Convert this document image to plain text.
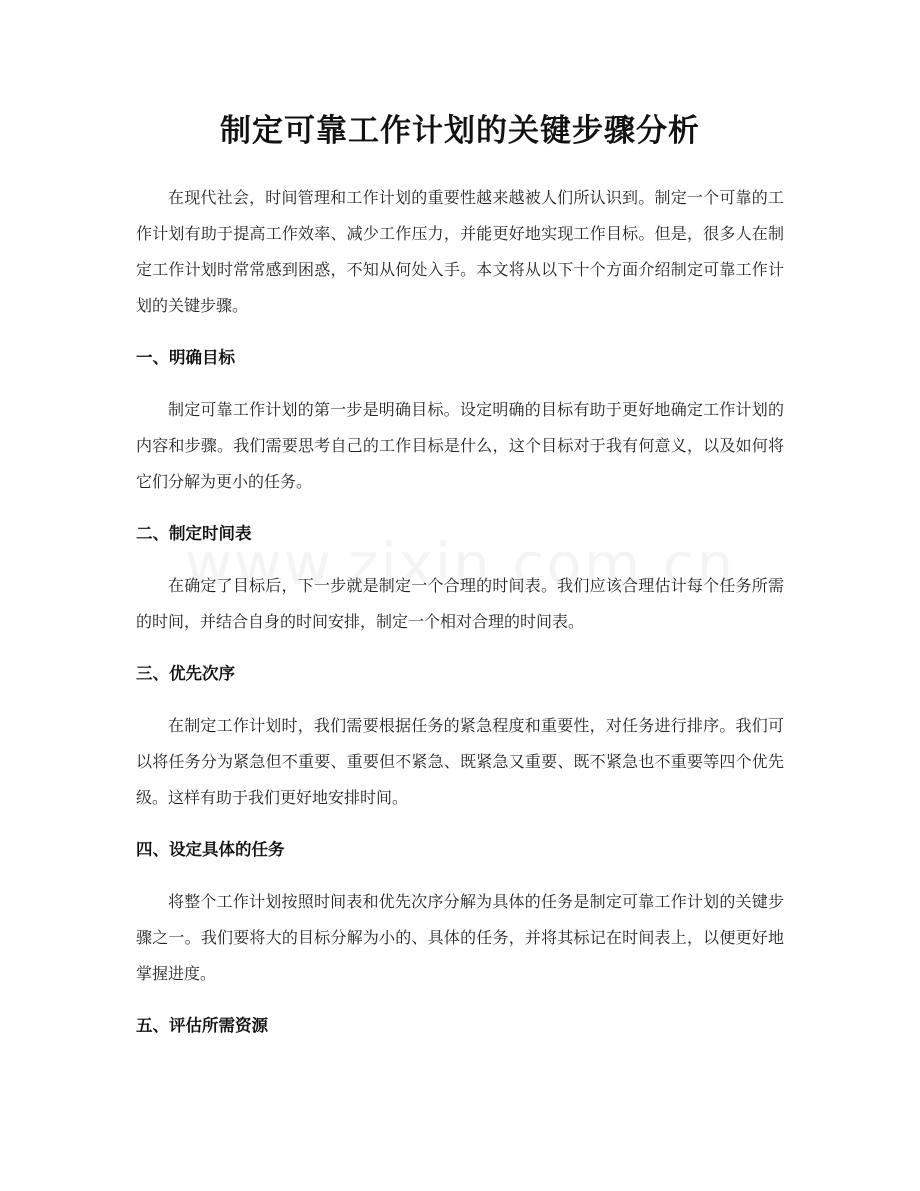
制定可靠工作计划的关键步骤分析

在现代社会，时间管理和工作计划的重要性越来越被人们所认识到。制定一个可靠的工作计划有助于提高工作效率、减少工作压力，并能更好地实现工作目标。但是，很多人在制定工作计划时常常感到困惑，不知从何处入手。本文将从以下十个方面介绍制定可靠工作计划的关键步骤。

一、明确目标

制定可靠工作计划的第一步是明确目标。设定明确的目标有助于更好地确定工作计划的内容和步骤。我们需要思考自己的工作目标是什么，这个目标对于我有何意义，以及如何将它们分解为更小的任务。

二、制定时间表

在确定了目标后，下一步就是制定一个合理的时间表。我们应该合理估计每个任务所需的时间，并结合自身的时间安排，制定一个相对合理的时间表。

三、优先次序

在制定工作计划时，我们需要根据任务的紧急程度和重要性，对任务进行排序。我们可以将任务分为紧急但不重要、重要但不紧急、既紧急又重要、既不紧急也不重要等四个优先级。这样有助于我们更好地安排时间。

四、设定具体的任务

将整个工作计划按照时间表和优先次序分解为具体的任务是制定可靠工作计划的关键步骤之一。我们要将大的目标分解为小的、具体的任务，并将其标记在时间表上，以便更好地掌握进度。

五、评估所需资源
